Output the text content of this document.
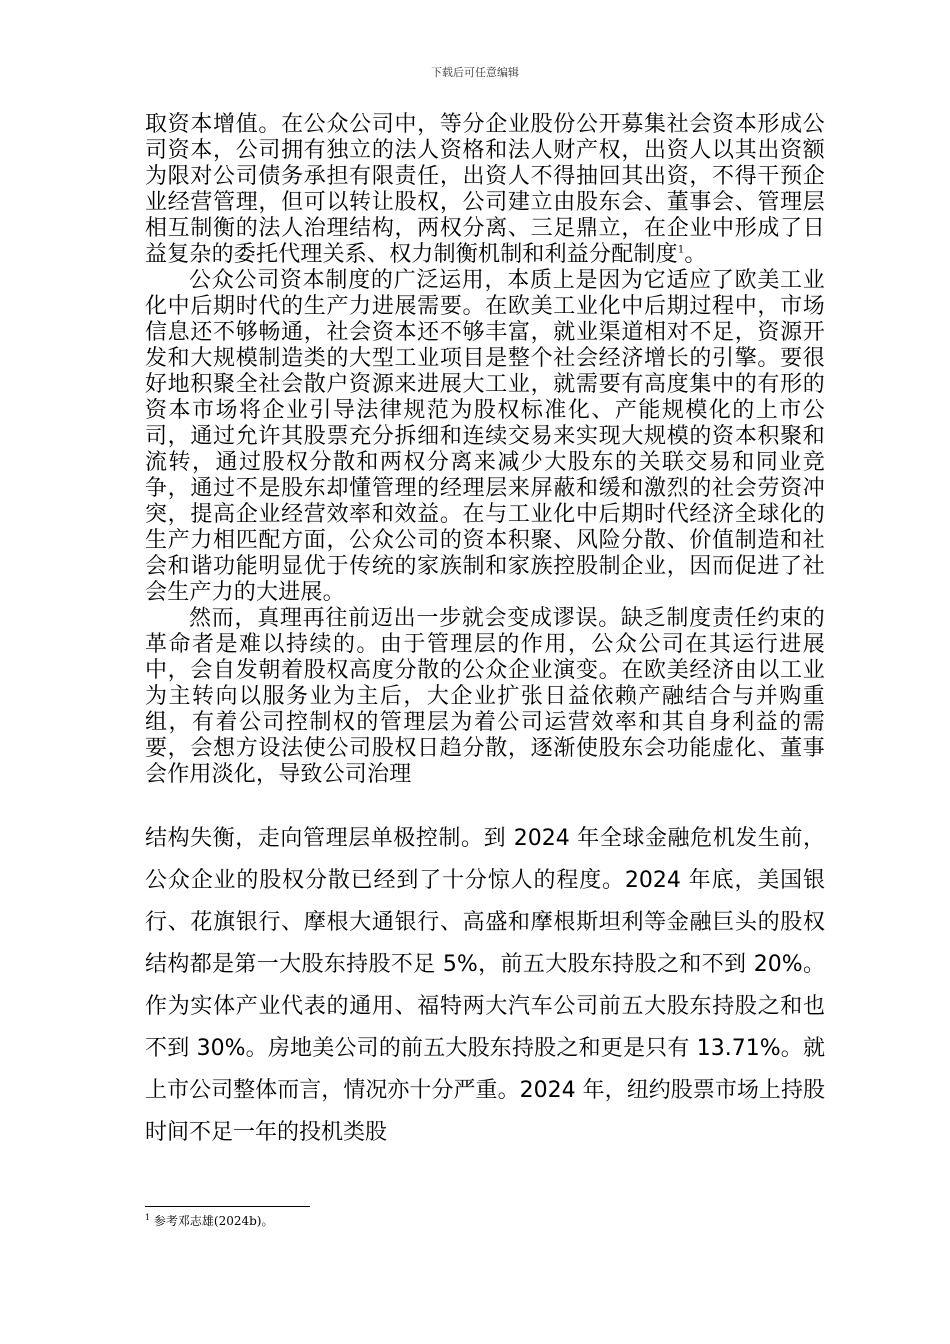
下载后可任意编辑

取资本增值。在公众公司中，等分企业股份公开募集社会资本形成公司资本，公司拥有独立的法人资格和法人财产权，出资人以其出资额为限对公司债务承担有限责任，出资人不得抽回其出资，不得干预企业经营管理，但可以转让股权，公司建立由股东会、董事会、管理层相互制衡的法人治理结构，两权分离、三足鼎立，在企业中形成了日益复杂的委托代理关系、权力制衡机制和利益分配制度$^1$。

公众公司资本制度的广泛运用，本质上是因为它适应了欧美工业化中后期时代的生产力进展需要。在欧美工业化中后期过程中，市场信息还不够畅通，社会资本还不够丰富，就业渠道相对不足，资源开发和大规模制造类的大型工业项目是整个社会经济增长的引擎。要很好地积聚全社会散户资源来进展大工业，就需要有高度集中的有形的资本市场将企业引导法律规范为股权标准化、产能规模化的上市公司，通过允许其股票充分拆细和连续交易来实现大规模的资本积聚和流转，通过股权分散和两权分离来减少大股东的关联交易和同业竞争，通过不是股东却懂管理的经理层来屏蔽和缓和激烈的社会劳资冲突，提高企业经营效率和效益。在与工业化中后期时代经济全球化的生产力相匹配方面，公众公司的资本积聚、风险分散、价值制造和社会和谐功能明显优于传统的家族制和家族控股制企业，因而促进了社会生产力的大进展。

然而，真理再往前迈出一步就会变成谬误。缺乏制度责任约束的革命者是难以持续的。由于管理层的作用，公众公司在其运行进展中，会自发朝着股权高度分散的公众企业演变。在欧美经济由以工业为主转向以服务业为主后，大企业扩张日益依赖产融结合与并购重组，有着公司控制权的管理层为着公司运营效率和其自身利益的需要，会想方设法使公司股权日趋分散，逐渐使股东会功能虚化、董事会作用淡化，导致公司治理

结构失衡，走向管理层单极控制。到 2024 年全球金融危机发生前，公众企业的股权分散已经到了十分惊人的程度。2024 年底，美国银行、花旗银行、摩根大通银行、高盛和摩根斯坦利等金融巨头的股权结构都是第一大股东持股不足 5%，前五大股东持股之和不到 20%。作为实体产业代表的通用、福特两大汽车公司前五大股东持股之和也不到 30%。房地美公司的前五大股东持股之和更是只有 13.71%。就上市公司整体而言，情况亦十分严重。2024 年，纽约股票市场上持股时间不足一年的投机类股

$^1$ 参考邓志雄(2024b)。
